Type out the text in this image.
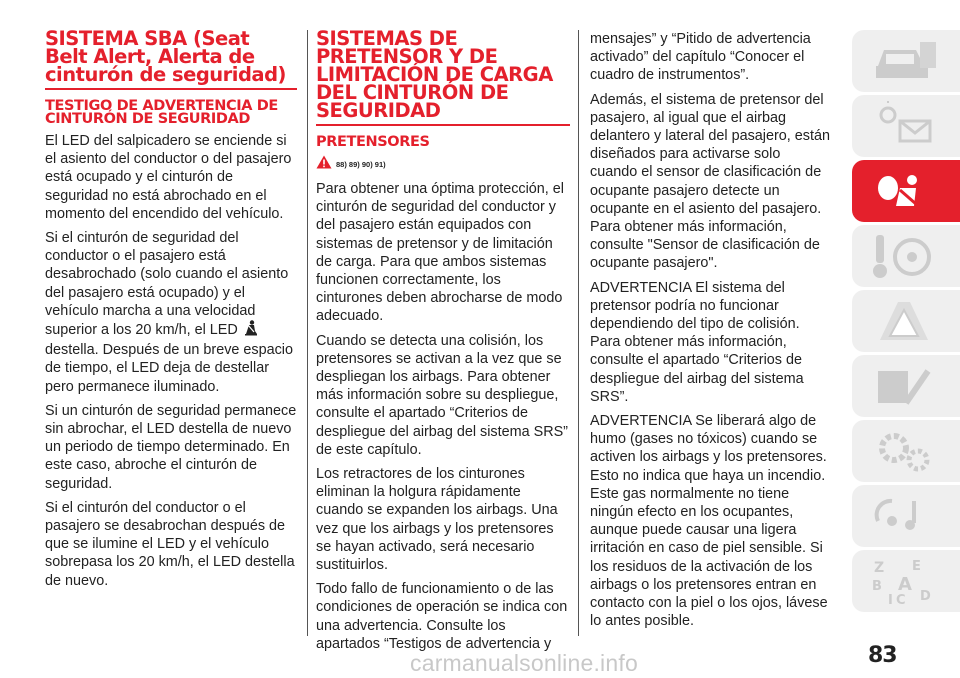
SISTEMA SBA (Seat Belt Alert, Alerta de cinturón de seguridad)
TESTIGO DE ADVERTENCIA DE CINTURÓN DE SEGURIDAD

El LED del salpicadero se enciende si el asiento del conductor o del pasajero está ocupado y el cinturón de seguridad no está abrochado en el momento del encendido del vehículo.

Si el cinturón de seguridad del conductor o el pasajero está desabrochado (solo cuando el asiento del pasajero está ocupado) y el vehículo marcha a una velocidad superior a los 20 km/h, el LED  destella. Después de un breve espacio de tiempo, el LED deja de destellar pero permanece iluminado.

Si un cinturón de seguridad permanece sin abrochar, el LED destella de nuevo un periodo de tiempo determinado. En este caso, abroche el cinturón de seguridad.

Si el cinturón del conductor o el pasajero se desabrochan después de que se ilumine el LED y el vehículo sobrepasa los 20 km/h, el LED destella de nuevo.

SISTEMAS DE PRETENSOR Y DE LIMITACIÓN DE CARGA DEL CINTURÓN DE SEGURIDAD
PRETENSORES
88) 89) 90) 91)

Para obtener una óptima protección, el cinturón de seguridad del conductor y del pasajero están equipados con sistemas de pretensor y de limitación de carga. Para que ambos sistemas funcionen correctamente, los cinturones deben abrocharse de modo adecuado.

Cuando se detecta una colisión, los pretensores se activan a la vez que se despliegan los airbags. Para obtener más información sobre su despliegue, consulte el apartado “Criterios de despliegue del airbag del sistema SRS” de este capítulo.

Los retractores de los cinturones eliminan la holgura rápidamente cuando se expanden los airbags. Una vez que los airbags y los pretensores se hayan activado, será necesario sustituirlos.

Todo fallo de funcionamiento o de las condiciones de operación se indica con una advertencia. Consulte los apartados “Testigos de advertencia y

mensajes” y “Pitido de advertencia activado” del capítulo “Conocer el cuadro de instrumentos”.

Además, el sistema de pretensor del pasajero, al igual que el airbag delantero y lateral del pasajero, están diseñados para activarse solo cuando el sensor de clasificación de ocupante pasajero detecte un ocupante en el asiento del pasajero. Para obtener más información, consulte "Sensor de clasificación de ocupante pasajero".

ADVERTENCIA El sistema del pretensor podría no funcionar dependiendo del tipo de colisión. Para obtener más información, consulte el apartado “Criterios de despliegue del airbag del sistema SRS”.

ADVERTENCIA Se liberará algo de humo (gases no tóxicos) cuando se activen los airbags y los pretensores. Esto no indica que haya un incendio. Este gas normalmente no tiene ningún efecto en los ocupantes, aunque puede causar una ligera irritación en caso de piel sensible. Si los residuos de la activación de los airbags o los pretensores entran en contacto con la piel o los ojos, lávese lo antes posible.

Z E
B A
I C D
83
carmanualsonline.info
